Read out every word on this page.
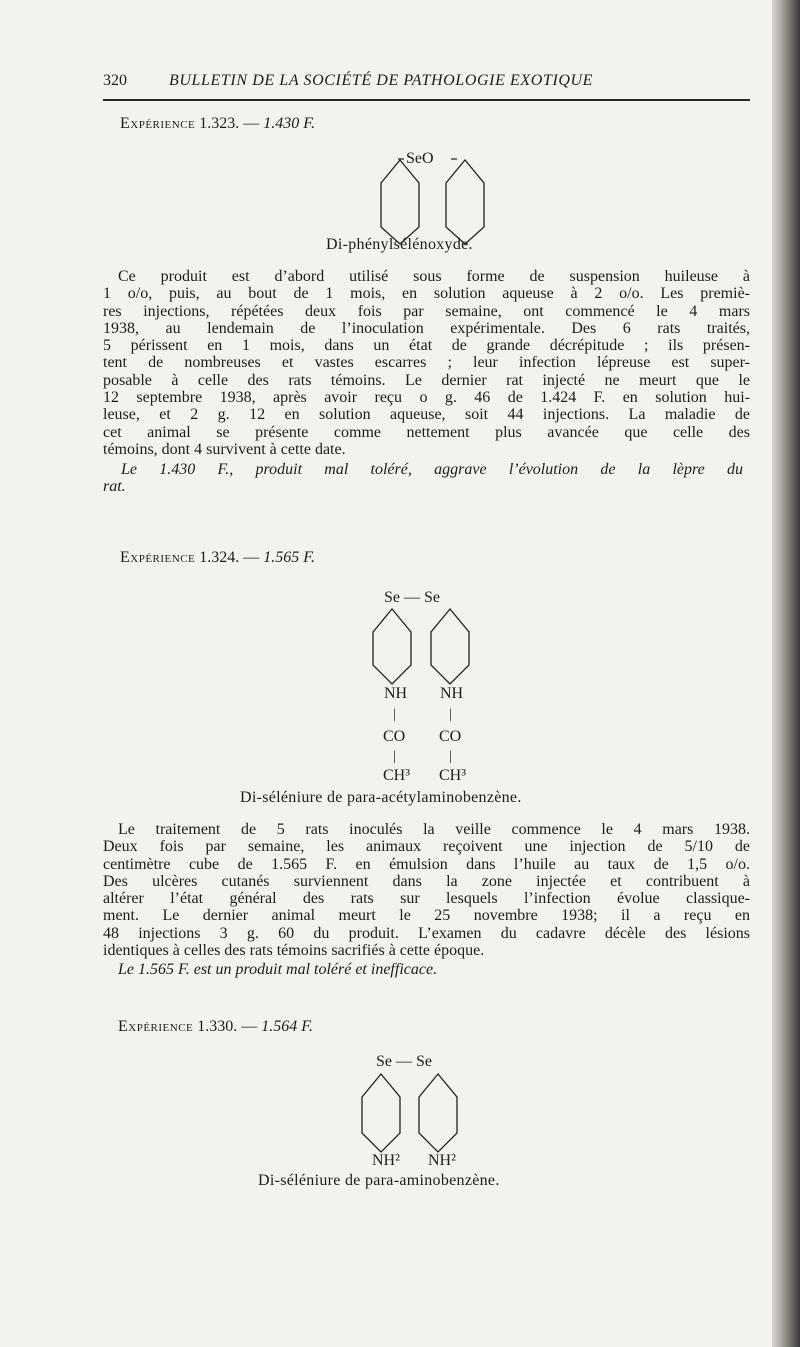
320	BULLETIN DE LA SOCIÉTÉ DE PATHOLOGIE EXOTIQUE
Expérience 1.323. — 1.430 F.
SeO
Di-phénylsélénoxyde.
Ce produit est d’abord utilisé sous forme de suspension huileuse à
1 o/o, puis, au bout de 1 mois, en solution aqueuse à 2 o/o. Les premiè-
res injections, répétées deux fois par semaine, ont commencé le 4 mars
1938, au lendemain de l’inoculation expérimentale. Des 6 rats traités,
5 périssent en 1 mois, dans un état de grande décrépitude ; ils présen-
tent de nombreuses et vastes escarres ; leur infection lépreuse est super-
posable à celle des rats témoins. Le dernier rat injecté ne meurt que le
12 septembre 1938, après avoir reçu o g. 46 de 1.424 F. en solution hui-
leuse, et 2 g. 12 en solution aqueuse, soit 44 injections. La maladie de
cet animal se présente comme nettement plus avancée que celle des
témoins, dont 4 survivent à cette date.
Le 1.430 F., produit mal toléré, aggrave l’évolution de la lèpre du
rat.
Expérience 1.324. — 1.565 F.
Se — Se
NH NH
|	|
CO CO
|	|
CH³ CH³
Di-séléniure de para-acétylaminobenzène.
Le traitement de 5 rats inoculés la veille commence le 4 mars 1938.
Deux fois par semaine, les animaux reçoivent une injection de 5/10 de
centimètre cube de 1.565 F. en émulsion dans l’huile au taux de 1,5 o/o.
Des ulcères cutanés surviennent dans la zone injectée et contribuent à
altérer l’état général des rats sur lesquels l’infection évolue classique-
ment. Le dernier animal meurt le 25 novembre 1938; il a reçu en
48 injections 3 g. 60 du produit. L’examen du cadavre décèle des lésions
identiques à celles des rats témoins sacrifiés à cette époque.
Le 1.565 F. est un produit mal toléré et inefficace.
Expérience 1.330. — 1.564 F.
Se — Se
NH² NH²
Di-séléniure de para-aminobenzène.
